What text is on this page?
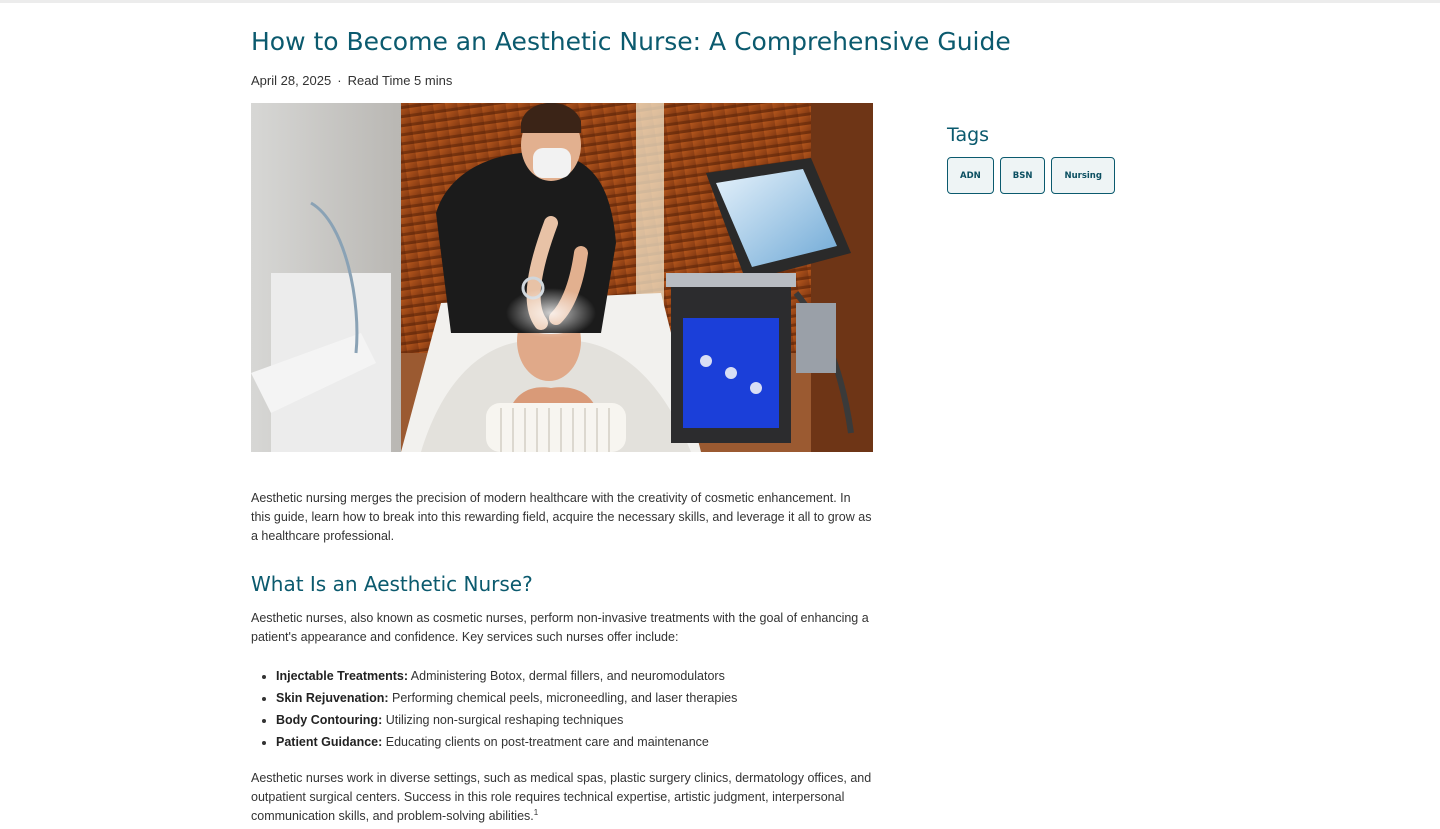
How to Become an Aesthetic Nurse: A Comprehensive Guide
April 28, 2025 · Read Time 5 mins

Aesthetic nursing merges the precision of modern healthcare with the creativity of cosmetic enhancement. In this guide, learn how to break into this rewarding field, acquire the necessary skills, and leverage it all to grow as a healthcare professional.

What Is an Aesthetic Nurse?

Aesthetic nurses, also known as cosmetic nurses, perform non-invasive treatments with the goal of enhancing a patient's appearance and confidence. Key services such nurses offer include:

• Injectable Treatments: Administering Botox, dermal fillers, and neuromodulators
• Skin Rejuvenation: Performing chemical peels, microneedling, and laser therapies
• Body Contouring: Utilizing non-surgical reshaping techniques
• Patient Guidance: Educating clients on post-treatment care and maintenance

Aesthetic nurses work in diverse settings, such as medical spas, plastic surgery clinics, dermatology offices, and outpatient surgical centers. Success in this role requires technical expertise, artistic judgment, interpersonal communication skills, and problem-solving abilities.$^1$

Tags
ADN	BSN	Nursing
